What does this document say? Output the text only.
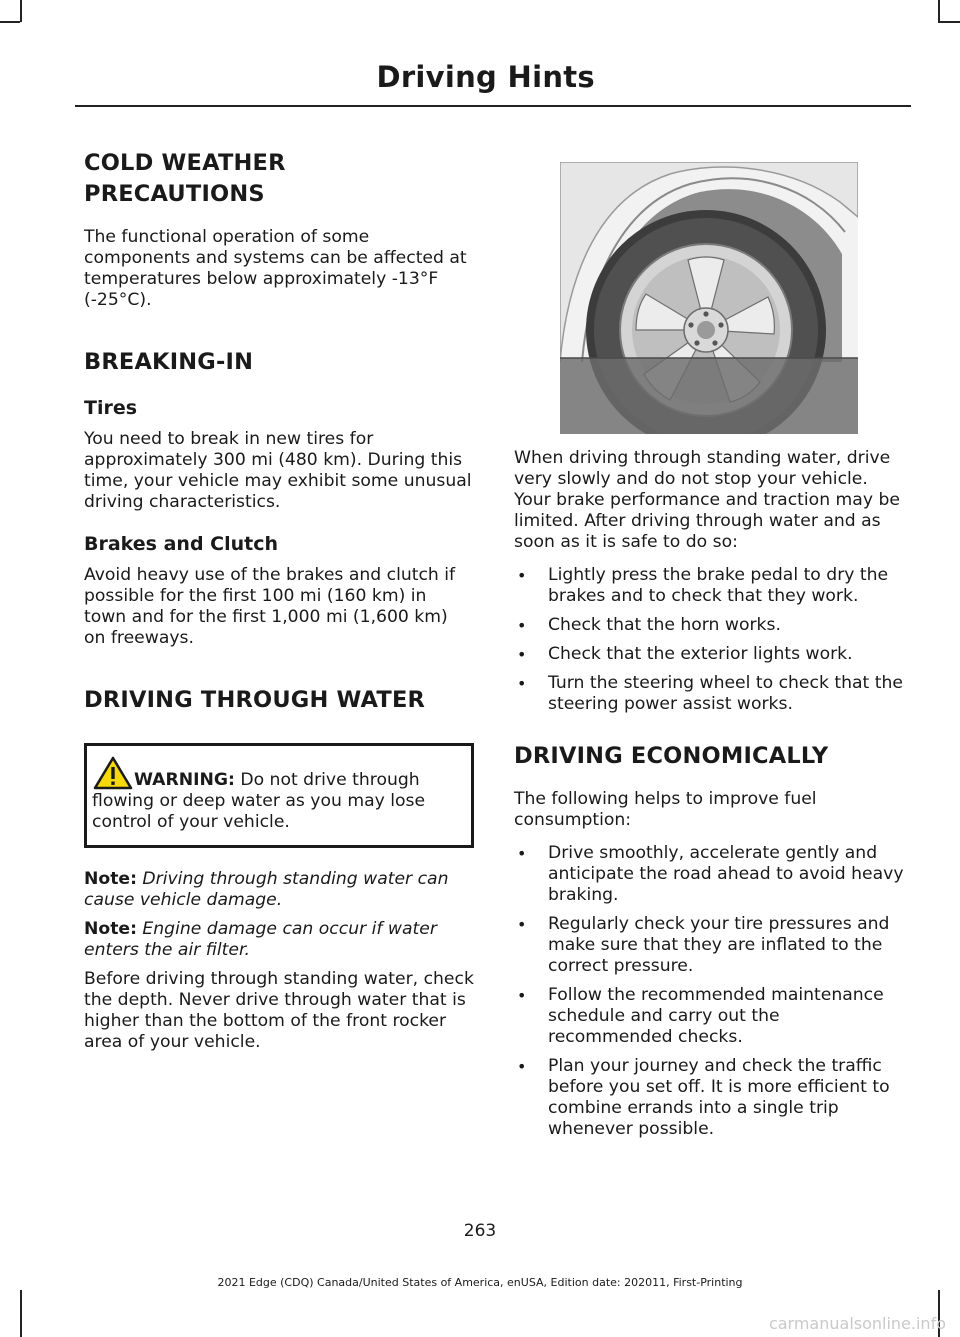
Driving Hints
COLD WEATHER
PRECAUTIONS

The functional operation of some components and systems can be affected at temperatures below approximately -13°F (-25°C).

BREAKING-IN
Tires

You need to break in new tires for approximately 300 mi (480 km). During this time, your vehicle may exhibit some unusual driving characteristics.

Brakes and Clutch

Avoid heavy use of the brakes and clutch if possible for the first 100 mi (160 km) in town and for the first 1,000 mi (1,600 km) on freeways.

DRIVING THROUGH WATER

WARNING: Do not drive through flowing or deep water as you may lose control of your vehicle.

Note: Driving through standing water can cause vehicle damage.

Note: Engine damage can occur if water enters the air filter.

Before driving through standing water, check the depth. Never drive through water that is higher than the bottom of the front rocker area of your vehicle.

When driving through standing water, drive very slowly and do not stop your vehicle. Your brake performance and traction may be limited. After driving through water and as soon as it is safe to do so:

• Lightly press the brake pedal to dry the brakes and to check that they work.
• Check that the horn works.
• Check that the exterior lights work.
• Turn the steering wheel to check that the steering power assist works.
DRIVING ECONOMICALLY

The following helps to improve fuel consumption:

• Drive smoothly, accelerate gently and anticipate the road ahead to avoid heavy braking.
• Regularly check your tire pressures and make sure that they are inflated to the correct pressure.
• Follow the recommended maintenance schedule and carry out the recommended checks.
• Plan your journey and check the traffic before you set off. It is more efficient to combine errands into a single trip whenever possible.
263
2021 Edge (CDQ) Canada/United States of America, enUSA, Edition date: 202011, First-Printing
carmanualsonline.info
